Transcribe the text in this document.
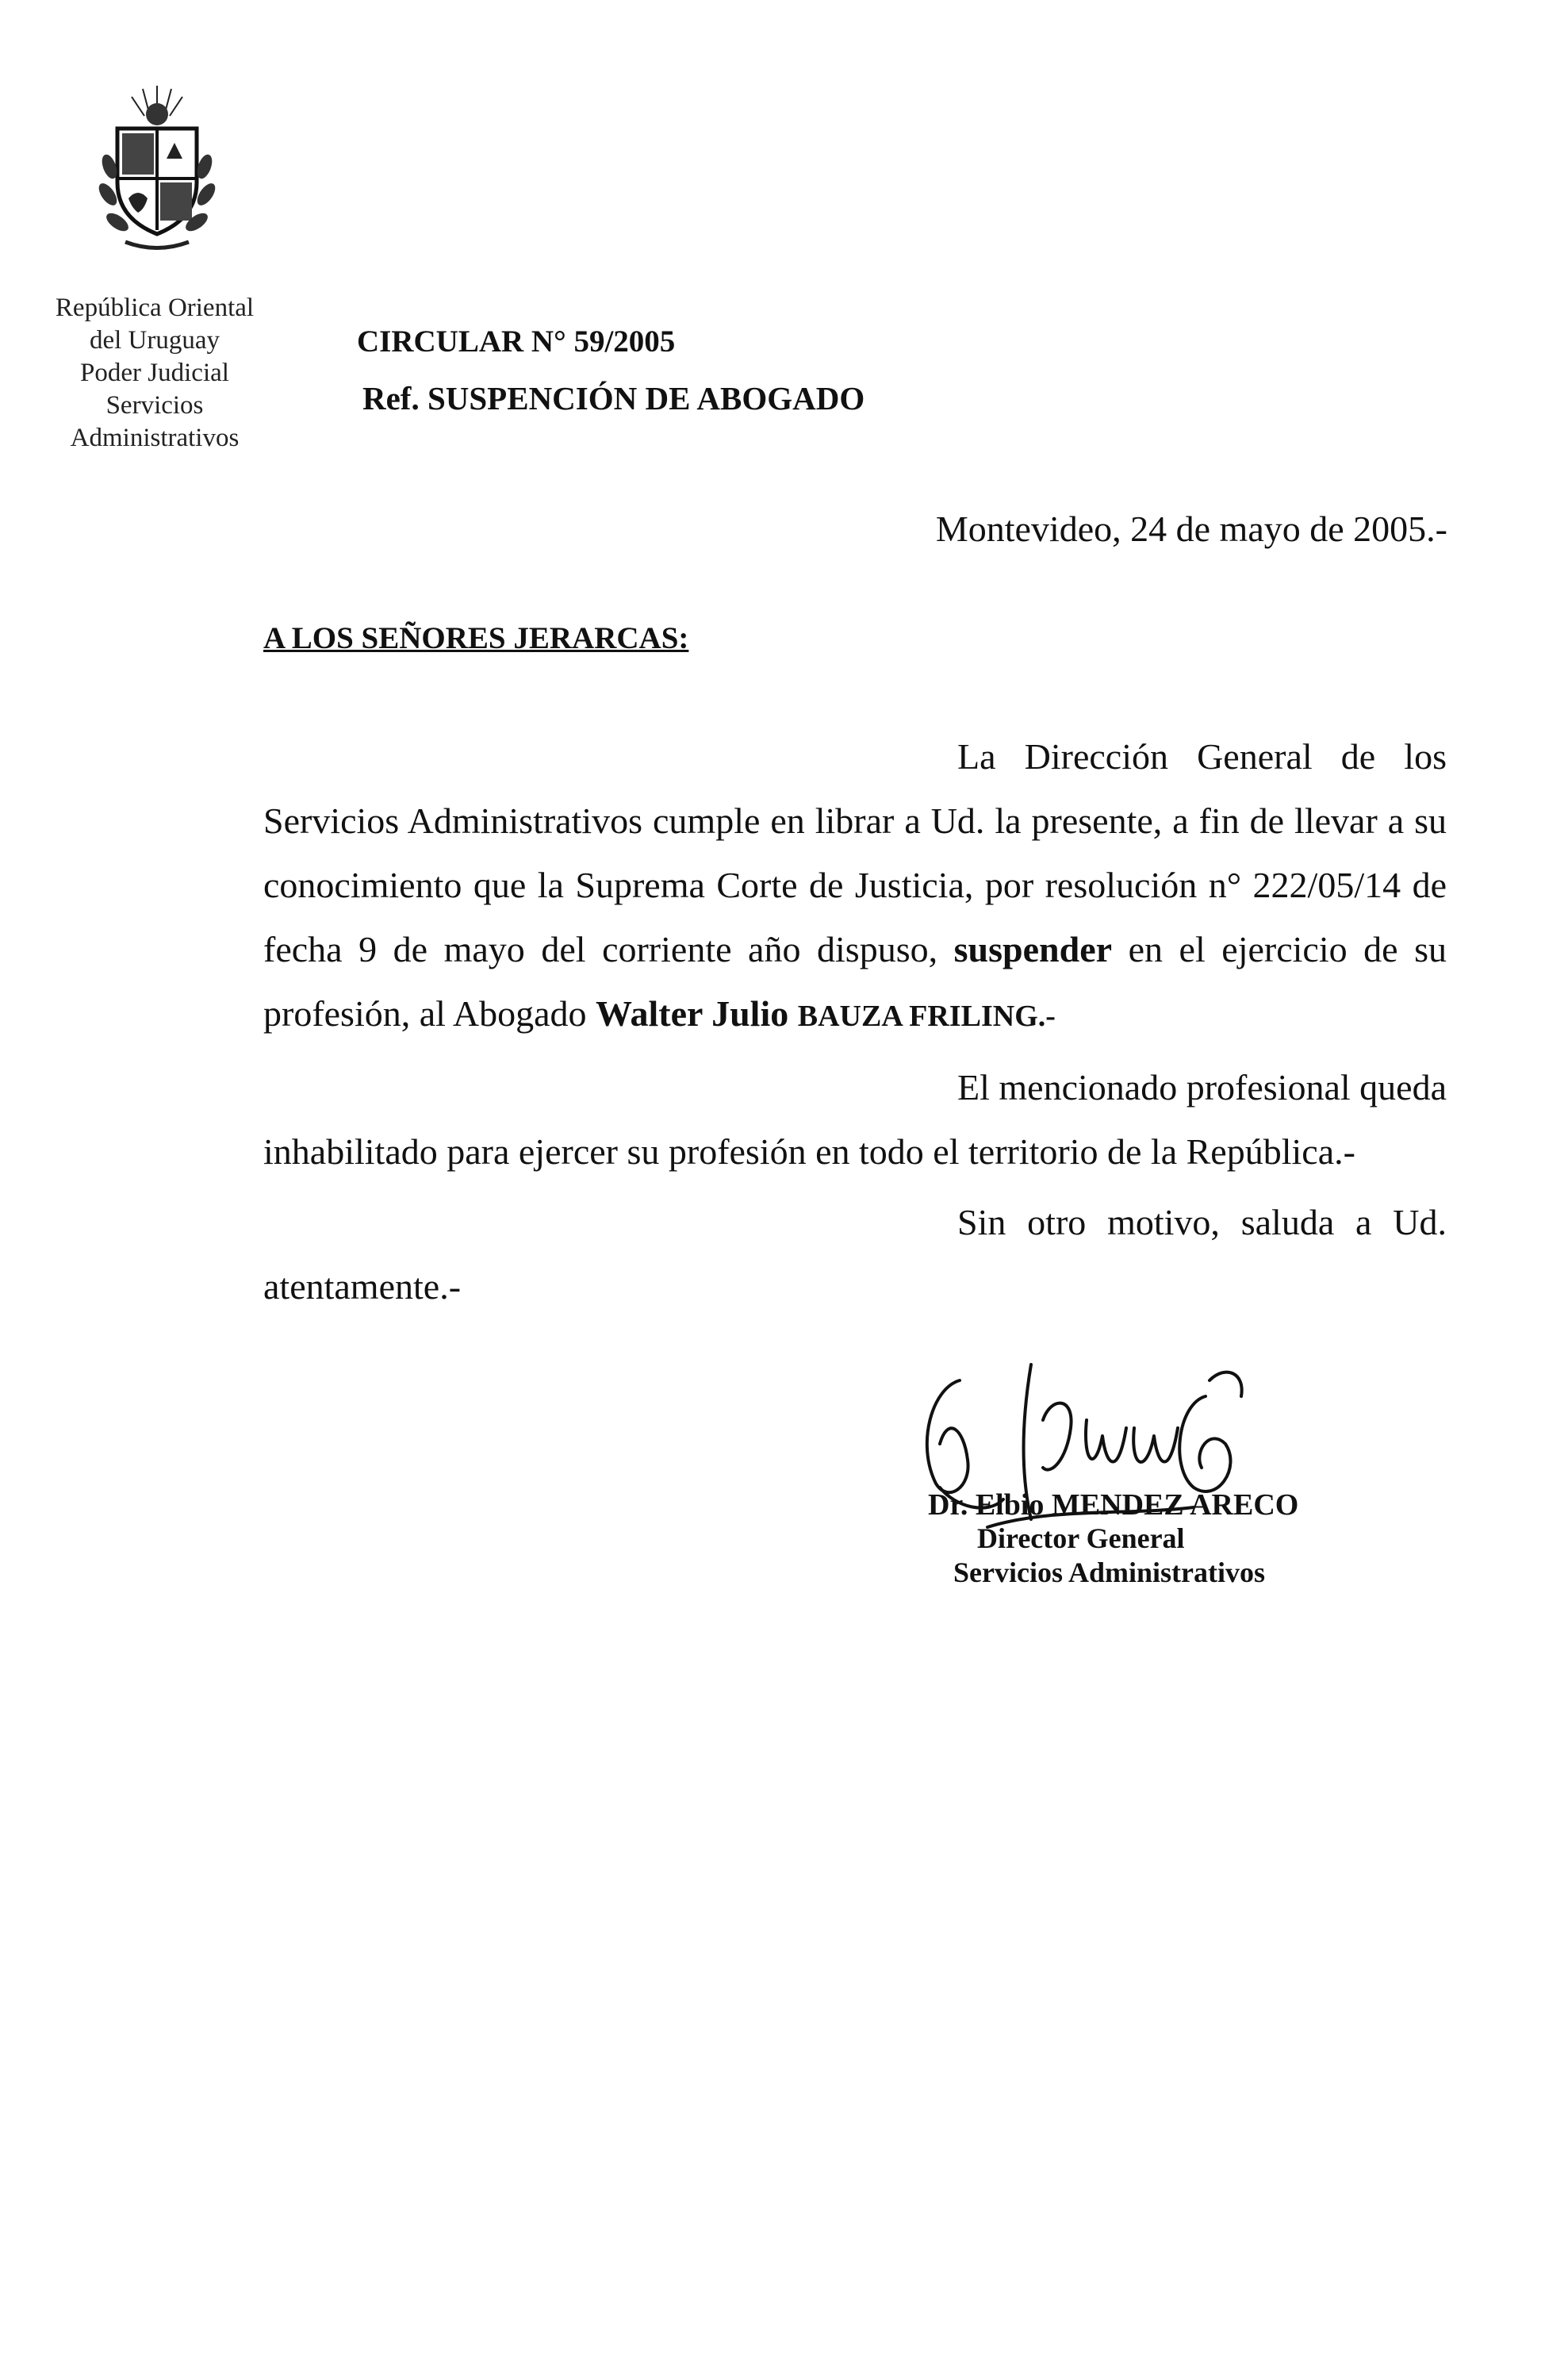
República Oriental
del Uruguay
Poder Judicial
Servicios
Administrativos
CIRCULAR N° 59/2005
Ref. SUSPENCIÓN DE ABOGADO
Montevideo, 24 de mayo de 2005.-
A LOS SEÑORES JERARCAS:
La Dirección General de los Servicios Administrativos cumple en librar a Ud. la presente, a fin de llevar a su conocimiento que la Suprema Corte de Justicia, por resolución n° 222/05/14 de fecha 9 de mayo del corriente año dispuso, suspender en el ejercicio de su profesión, al Abogado Walter Julio BAUZA FRILING.-
El mencionado profesional queda inhabilitado para ejercer su profesión en todo el territorio de la República.-
Sin otro motivo, saluda a Ud. atentamente.-
Dr. Elbio MENDEZ ARECO
Director General
Servicios Administrativos
